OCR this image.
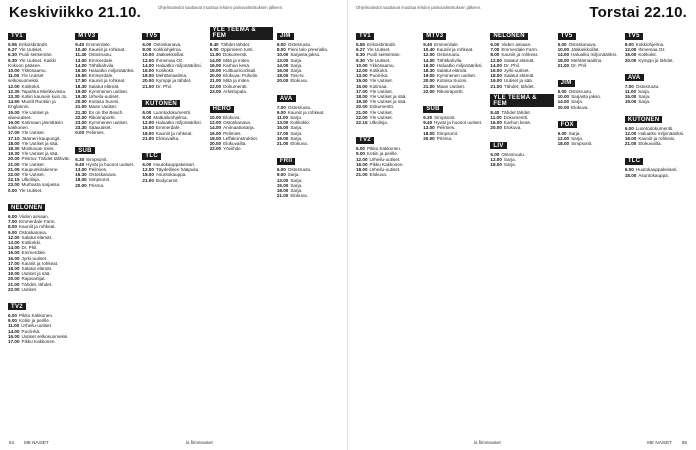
Keskiviikko 21.10.	Ohjelmatiedot saattavat muuttua lehden painovalmistuksen jälkeen.
TV1
5.55 Erikoisbrändit.
6.27 Yle Uutiset.
6.30 Puoli seitsemän.
9.30 Yle Uutiset. Kaikki Kokoon pääsee.
10.00 Ykkösaamu.
11.00 Yle Uutiset selkosuomeksi.
12.00 Kotikokit.
12.30 Tapahtui Mielikuvissa.
13.30 Kotiin kaunein kuin Jo.
14.50 Muotit Ruotsin ja Englannin.
15.00 Yle Uutiset ja alueuutiset.
16.00 Kotimaan jännittävin kakkonen.
17.00 Yle Uutiset.
17.10 Jäämeri-kaupungit.
18.00 Yle Uutiset ja sää.
18.30 Moskovan mies.
19.30 Yle Uutiset ja sää.
20.00 Prisma: Tähdet tähtivät.
21.00 Yle Uutiset.
21.05 Kaupunkirakenne.
22.00 Yle Uutiset.
22.15 Ulkolinja.
23.00 Murhasta sarjassa.
0.00 Yle Uutiset.
NELONEN
6.00 Viiden ainiaan.
7.00 Emmerdale Farm.
8.00 Kauniit ja rohkeat.
9.00 Ostoskanava.
12.00 Salatut elämät.
13.00 Kotikokki.
14.00 Dr. Phil.
15.00 Emmerdale.
16.00 Jyrki-uutiset.
17.00 Kauniit ja rohkeat.
18.00 Salatut elämät.
19.00 Uutiset ja sää.
20.00 Rajavartijat.
21.00 Tähdet, tähdet.
22.00 Uutiset.
TV2
6.00 Pikku Kakkonen.
9.00 Kotiin ja perille.
11.00 Urheilu-uutiset.
14.00 Puoli-ikä.
16.00 Uutiset selkosuomeksi.
17.00 Pikku Kakkonen.
MTV3
9.40 Emmerdale.
10.40 Kauniit ja rohkeat.
11.40 Ostosruutu.
13.00 Emmerdale.
14.00 Tähtikahvila.
16.00 Haluatko miljonääriksi.
16.50 Emmerdale.
17.50 Kauniit ja rohkeat.
18.30 Salatut elämät.
19.00 Kymmenen uutiset.
19.30 Urheilu-uutiset.
20.00 Kotoisa Suomi.
21.00 Maan Uutiset.
21.30 Ex on the Beach.
22.00 Rikosraportti.
23.00 Kymmenen uutiset.
23.30 Sääuutiset.
0.00 Pelimies.
SUB
6.30 Simpsonit.
9.40 Hyvät ja huonot uutiset.
13.00 Pelimies.
16.30 Ostoskanava.
18.00 Simpsonit.
20.00 Prisma.
TV5
6.00 Ostoskanava.
8.00 Kokkiohjelma.
10.00 Jääkiekkoillat.
12.00 Ihmemaa Oz.
14.00 Haluatko miljonääriksi.
16.00 Kotikokit.
18.00 Mehtämaailma.
20.00 Kymppi ja tähdet.
21.00 Dr. Phil.
KUTONEN
6.00 Luontodokumentti.
9.00 Matkailuohjelma.
12.00 Haluatko miljonääriksi.
15.00 Emmerdale.
18.00 Kauniit ja rohkeat.
21.00 Elokuvailta.
TLC
6.00 Huutokauppakeisari.
12.00 Täydellinen hääpuku.
18.00 Asuntokauppa.
21.00 Bodycamit.
YLE TEEMA & FEM
8.40 Tähdet tähdet.
9.00 Oppimisen tunti.
11.00 Dokumentti.
14.00 Mitä ja miten.
16.00 Karhun kesä.
19.00 Kulttuuricocktail.
20.00 Elokuva: Puhelin.
21.00 Mitä ja miten.
22.00 Dokumentti.
23.00 Arkistopala.
HERO
10.00 Elokuva.
12.00 Ostoskanava.
14.00 Animaatiosarja.
16.00 Pelimies.
18.00 Leffakonstruktiot.
20.00 Elokuvailta.
22.00 Yöviihde.
JIM
6.00 Ostosruutu.
8.00 Pieni talo preerialla.
10.00 Sarjasta jakso.
12.00 Sarja.
14.00 Sarja.
16.00 Sarja.
18.00 Tosi-tv.
20.00 Elokuva.
AVA
7.00 Ostosruutu.
9.00 Kauniit ja rohkeat.
11.00 Sarja.
13.00 Kotikokki.
15.00 Sarja.
17.00 Sarja.
19.00 Sarja.
21.00 Elokuva.
FRII
6.00 Ostosruutu.
9.00 Sarja.
12.00 Sarja.
15.00 Sarja.
18.00 Sarja.
21.00 Elokuva.
54 ME NAISET	is.fi/menaiset
Torstai 22.10.
Ohjelmatiedot saattavat muuttua lehden painovalmistuksen jälkeen.
TV1
5.55 Erikoisbrändit.
6.27 Yle Uutiset.
6.30 Puoli seitsemän.
9.30 Yle Uutiset.
10.00 Ykkösaamu.
12.00 Kotikokit.
13.00 Puoli-ikä.
15.00 Yle Uutiset.
16.00 Kotimaa.
17.00 Yle Uutiset.
18.00 Yle Uutiset ja sää.
19.30 Yle Uutiset ja sää.
20.00 Dokumentti.
21.00 Yle Uutiset.
22.00 Yle Uutiset.
22.15 Ulkolinja.
TV2
6.00 Pikku Kakkonen.
9.00 Kotiin ja perille.
12.00 Urheilu-uutiset.
16.00 Pikku Kakkonen.
18.00 Urheilu-uutiset.
21.00 Elokuva.
MTV3
9.40 Emmerdale.
10.40 Kauniit ja rohkeat.
12.00 Ostosruutu.
14.00 Tähtikahvila.
16.00 Haluatko miljonääriksi.
18.30 Salatut elämät.
19.00 Kymmenen uutiset.
20.00 Kotoisa Suomi.
21.00 Maan Uutiset.
22.00 Rikosraportti.
SUB
6.30 Simpsonit.
9.40 Hyvät ja huonot uutiset.
13.00 Pelimies.
18.00 Simpsonit.
20.00 Prisma.
NELONEN
6.00 Viiden ainiaan.
7.00 Emmerdale Farm.
8.00 Kauniit ja rohkeat.
12.00 Salatut elämät.
14.00 Dr. Phil.
16.00 Jyrki-uutiset.
18.00 Salatut elämät.
19.00 Uutiset ja sää.
21.00 Tähdet, tähdet.
YLE TEEMA & FEM
8.40 Tähdet tähdet.
11.00 Dokumentti.
16.00 Karhun kesä.
20.00 Elokuva.
LIV
6.00 Ostosruutu.
12.00 Sarja.
18.00 Sarja.
TV5
6.00 Ostoskanava.
10.00 Jääkiekkoillat.
14.00 Haluatko miljonääriksi.
18.00 Mehtämaailma.
21.00 Dr. Phil.
JIM
6.00 Ostosruutu.
10.00 Sarjasta jakso.
14.00 Sarja.
20.00 Elokuva.
FOX
6.00 Sarja.
12.00 Sarja.
18.00 Simpsonit.
TV5
8.00 Kokkiohjelma.
12.00 Ihmemaa Oz.
16.00 Kotikokit.
20.00 Kymppi ja tähdet.
AVA
7.00 Ostosruutu.
11.00 Sarja.
15.00 Sarja.
19.00 Sarja.
KUTONEN
6.00 Luontodokumentti.
12.00 Haluatko miljonääriksi.
18.00 Kauniit ja rohkeat.
21.00 Elokuvailta.
TLC
6.00 Huutokauppakeisari.
18.00 Asuntokauppa.
is.fi/menaiset	ME NAISET 55
